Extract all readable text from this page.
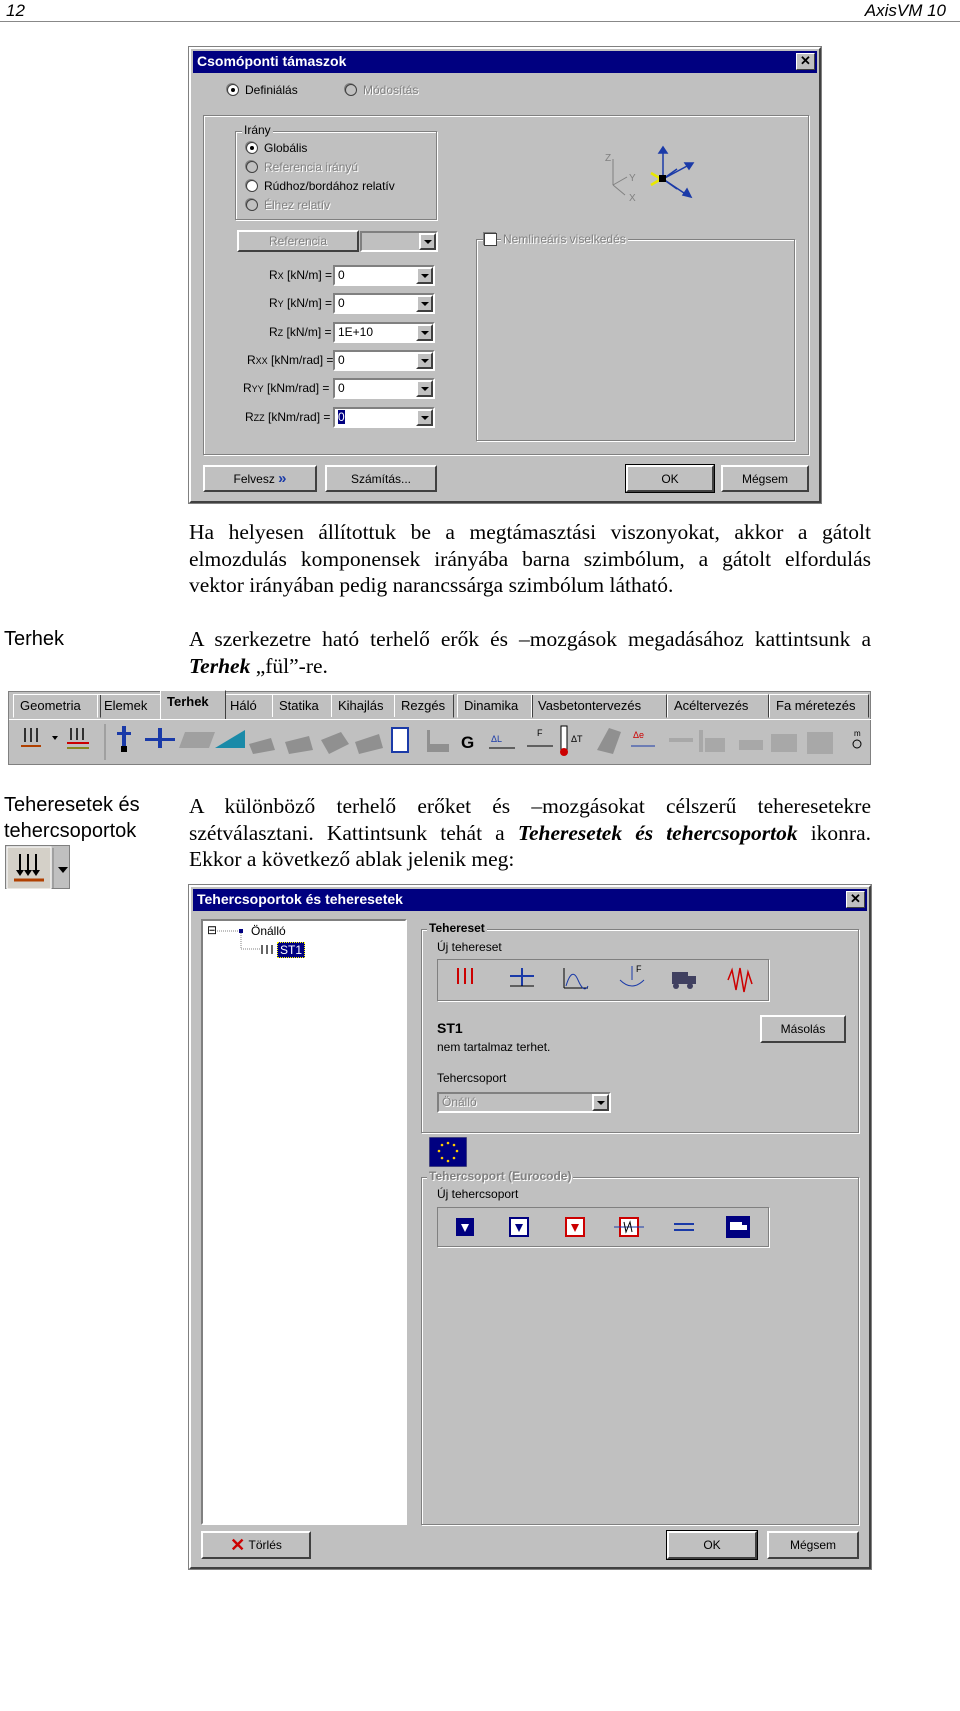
12	AxisVM 10
Csomóponti támaszok	✕
Definiálás	Módosítás
Irány
Globális
Referencia irányú
Rúdhoz/bordához relatív
Élhez relatív
Z
Y
X
Referencia	Nemlineáris viselkedés
RX [kN/m] = 0
RY [kN/m] = 0
RZ [kN/m] = 1E+10
RXX [kNm/rad] = 0
RYY [kNm/rad] = 0
RZZ [kNm/rad] = 0
Felvesz
»	Számítás...	OK	Mégsem

Ha helyesen állítottuk be a megtámasztási viszonyokat, akkor a gátolt elmozdulás komponensek irányába barna szimbólum, a gátolt elfordulás vektor irányában pedig narancssárga szimbólum látható.

Terhek	A szerkezetre ható terhelő erők és –mozgások megadásához kattintsunk a Terhek „fül”-re.

Geometria	Elemek	Terhek	Háló	Statika	Kihajlás	Rezgés	Dinamika	Vasbetontervezés	Acéltervezés	Fa méretezés
G ΔL
F
ΔT	Δe	m
Teheresetek és
tehercsoportok

A különböző terhelő erőket és –mozgásokat célszerű teheresetekre szétválasztani. Kattintsunk tehát a Teheresetek és tehercsoportok ikonra. Ekkor a következő ablak jelenik meg:

Tehercsoportok és teheresetek	✕
⊟	Önálló
ST1
Tehereset
Új tehereset
F
ST1
nem tartalmaz terhet.
Másolás
Tehercsoport
Önálló
Tehercsoport (Eurocode)
Új tehercsoport
✕
Törlés	OK	Mégsem
